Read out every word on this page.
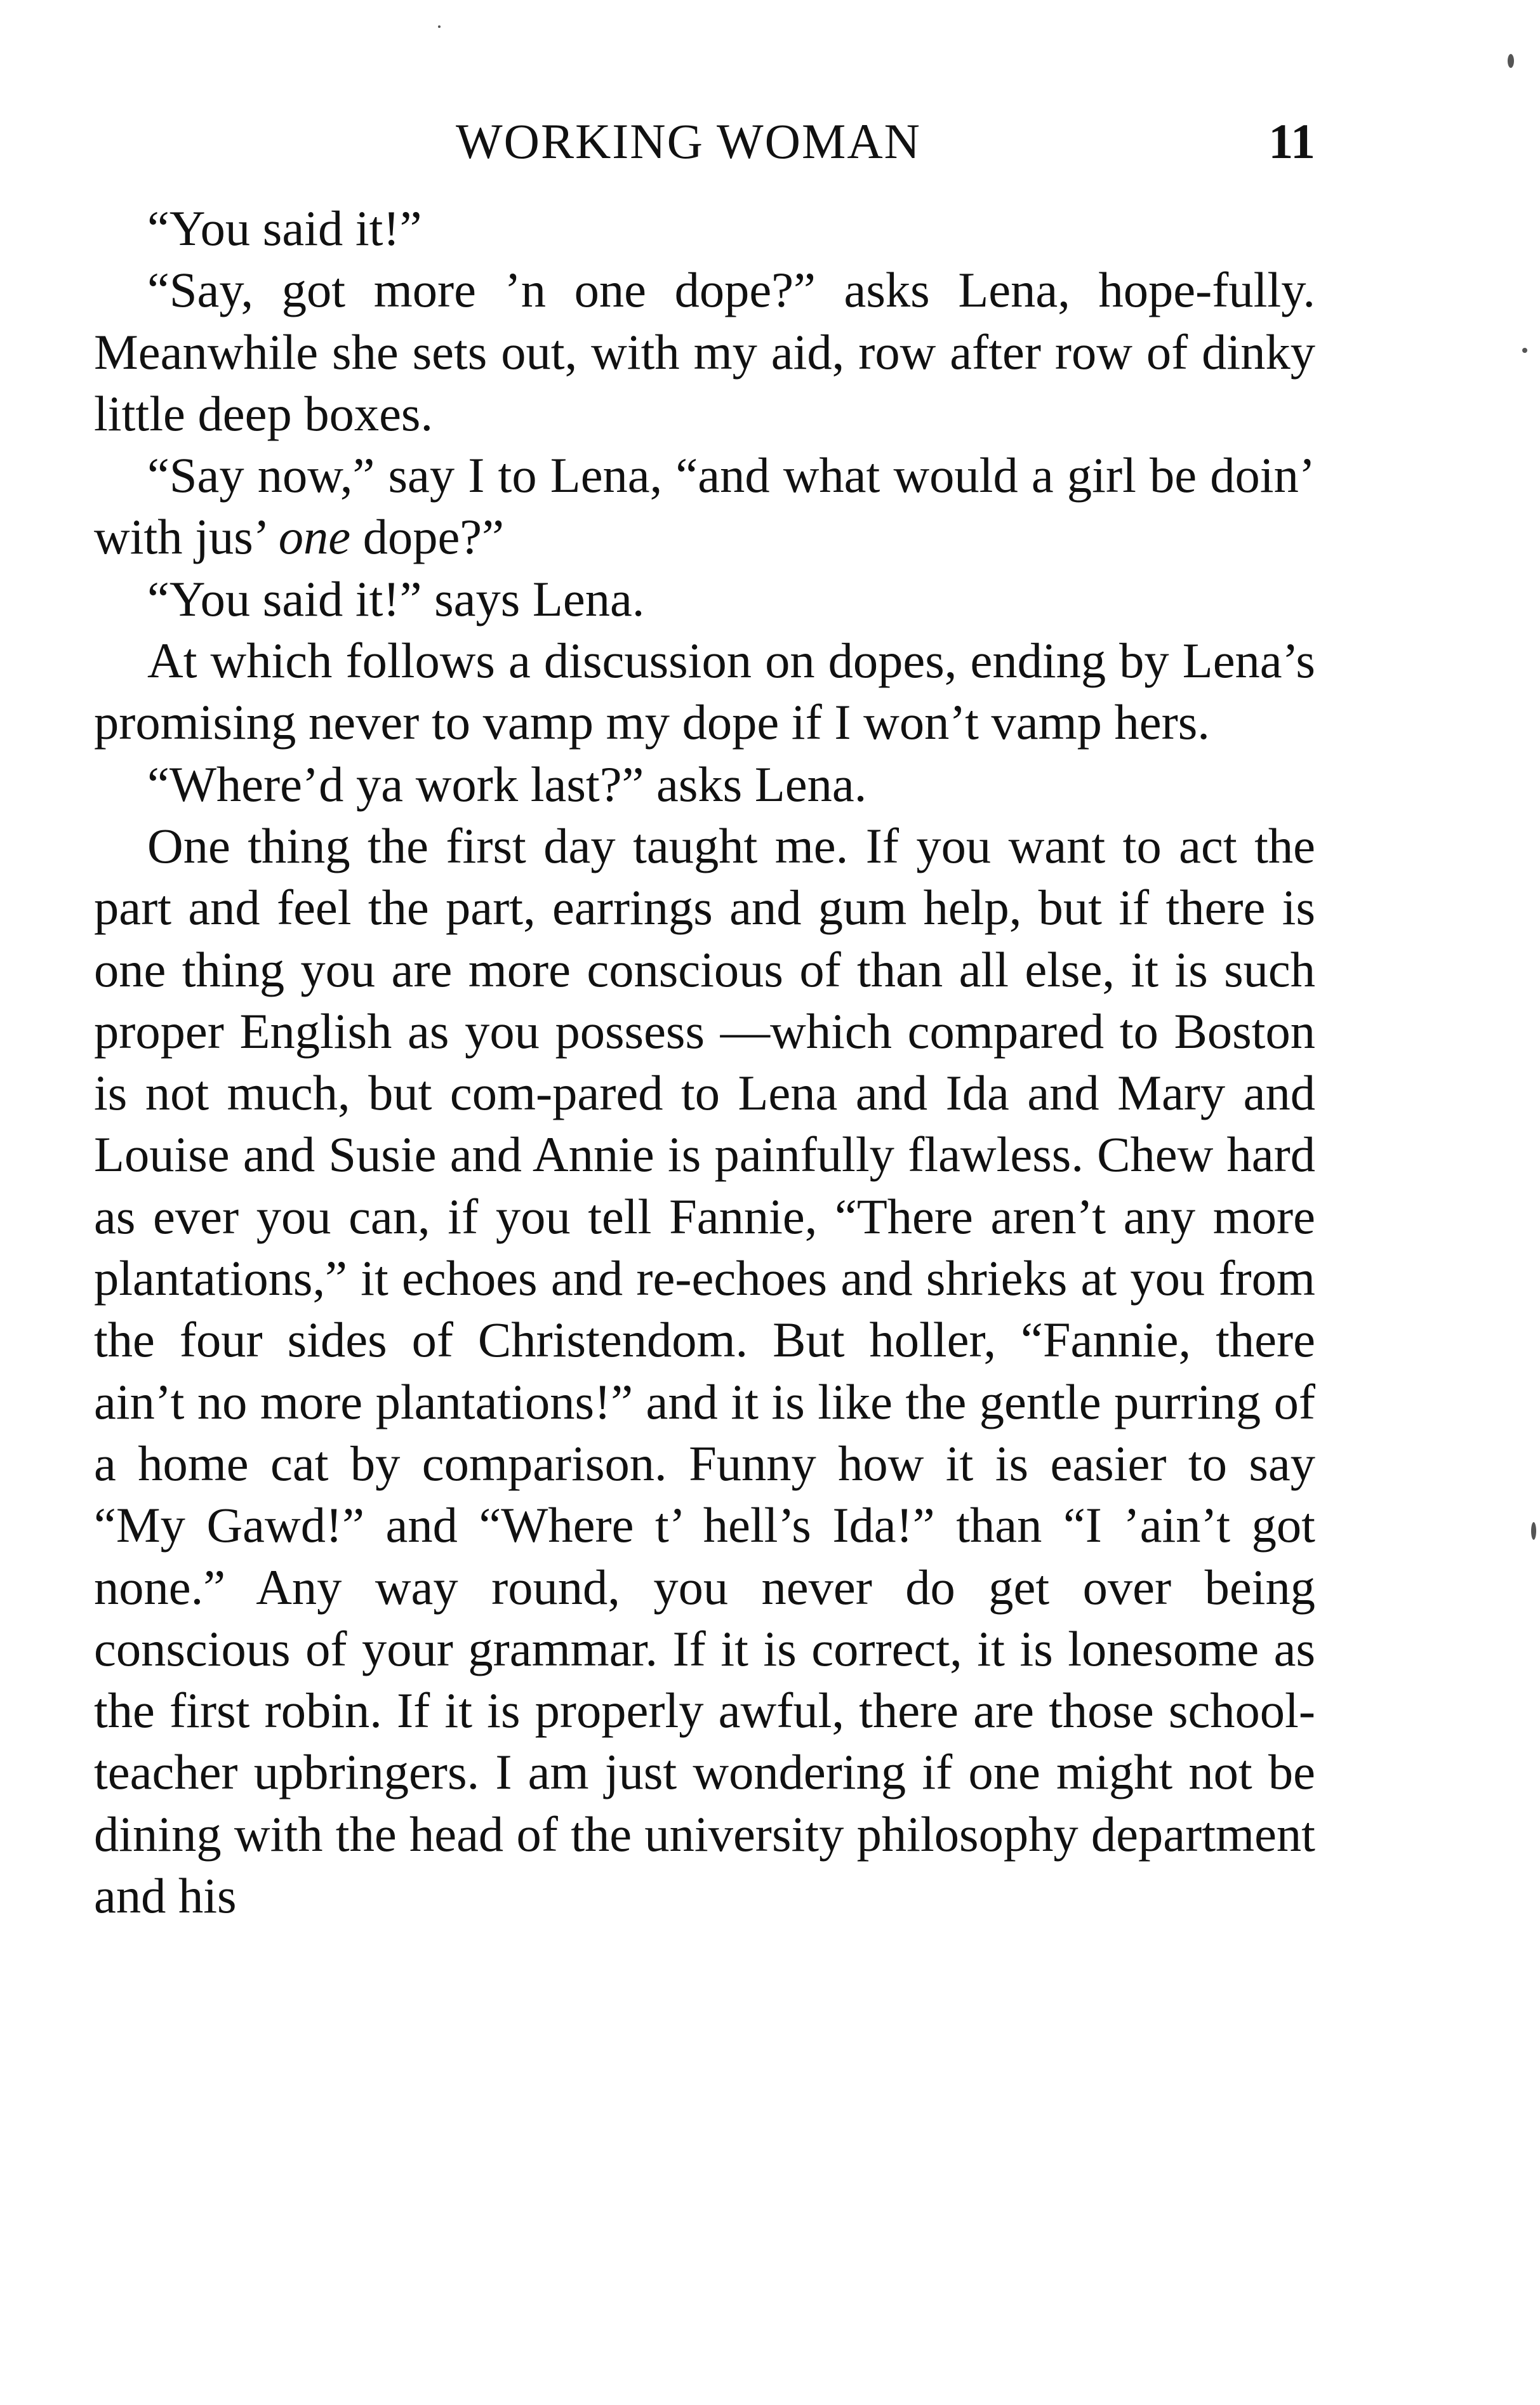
WORKING WOMAN	11

“You said it!”

“Say, got more ’n one dope?” asks Lena, hope-fully. Meanwhile she sets out, with my aid, row after row of dinky little deep boxes.

“Say now,” say I to Lena, “and what would a girl be doin’ with jus’ one dope?”

“You said it!” says Lena.

At which follows a discussion on dopes, ending by Lena’s promising never to vamp my dope if I won’t vamp hers.

“Where’d ya work last?” asks Lena.

One thing the first day taught me. If you want to act the part and feel the part, earrings and gum help, but if there is one thing you are more conscious of than all else, it is such proper English as you possess —which compared to Boston is not much, but com-pared to Lena and Ida and Mary and Louise and Susie and Annie is painfully flawless. Chew hard as ever you can, if you tell Fannie, “There aren’t any more plantations,” it echoes and re-echoes and shrieks at you from the four sides of Christendom. But holler, “Fannie, there ain’t no more plantations!” and it is like the gentle purring of a home cat by comparison. Funny how it is easier to say “My Gawd!” and “Where t’ hell’s Ida!” than “I ’ain’t got none.” Any way round, you never do get over being conscious of your grammar. If it is correct, it is lonesome as the first robin. If it is properly awful, there are those school-teacher upbringers. I am just wondering if one might not be dining with the head of the university philosophy department and his
